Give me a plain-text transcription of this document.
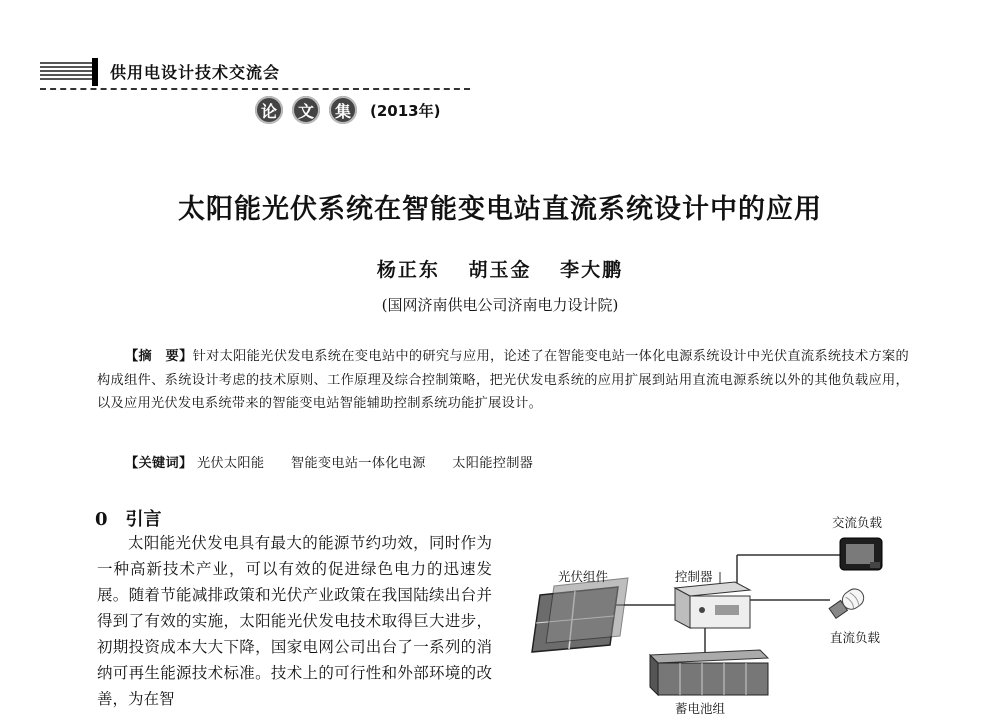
供用电设计技术交流会
论	文	集	(2013年)
太阳能光伏系统在智能变电站直流系统设计中的应用
杨正东 胡玉金 李大鹏
(国网济南供电公司济南电力设计院)
【摘　要】针对太阳能光伏发电系统在变电站中的研究与应用，论述了在智能变电站一体化电源系统设计中光伏直流系统技术方案的构成组件、系统设计考虑的技术原则、工作原理及综合控制策略，把光伏发电系统的应用扩展到站用直流电源系统以外的其他负载应用，以及应用光伏发电系统带来的智能变电站智能辅助控制系统功能扩展设计。
【关键词】 光伏太阳能 智能变电站一体化电源 太阳能控制器
0 引言
太阳能光伏发电具有最大的能源节约功效，同时作为一种高新技术产业，可以有效的促进绿色电力的迅速发展。随着节能减排政策和光伏产业政策在我国陆续出台并得到了有效的实施，太阳能光伏发电技术取得巨大进步，初期投资成本大大下降，国家电网公司出台了一系列的消纳可再生能源技术标准。技术上的可行性和外部环境的改善，为在智
光伏组件	控制器
交流负载
直流负载
蓄电池组
